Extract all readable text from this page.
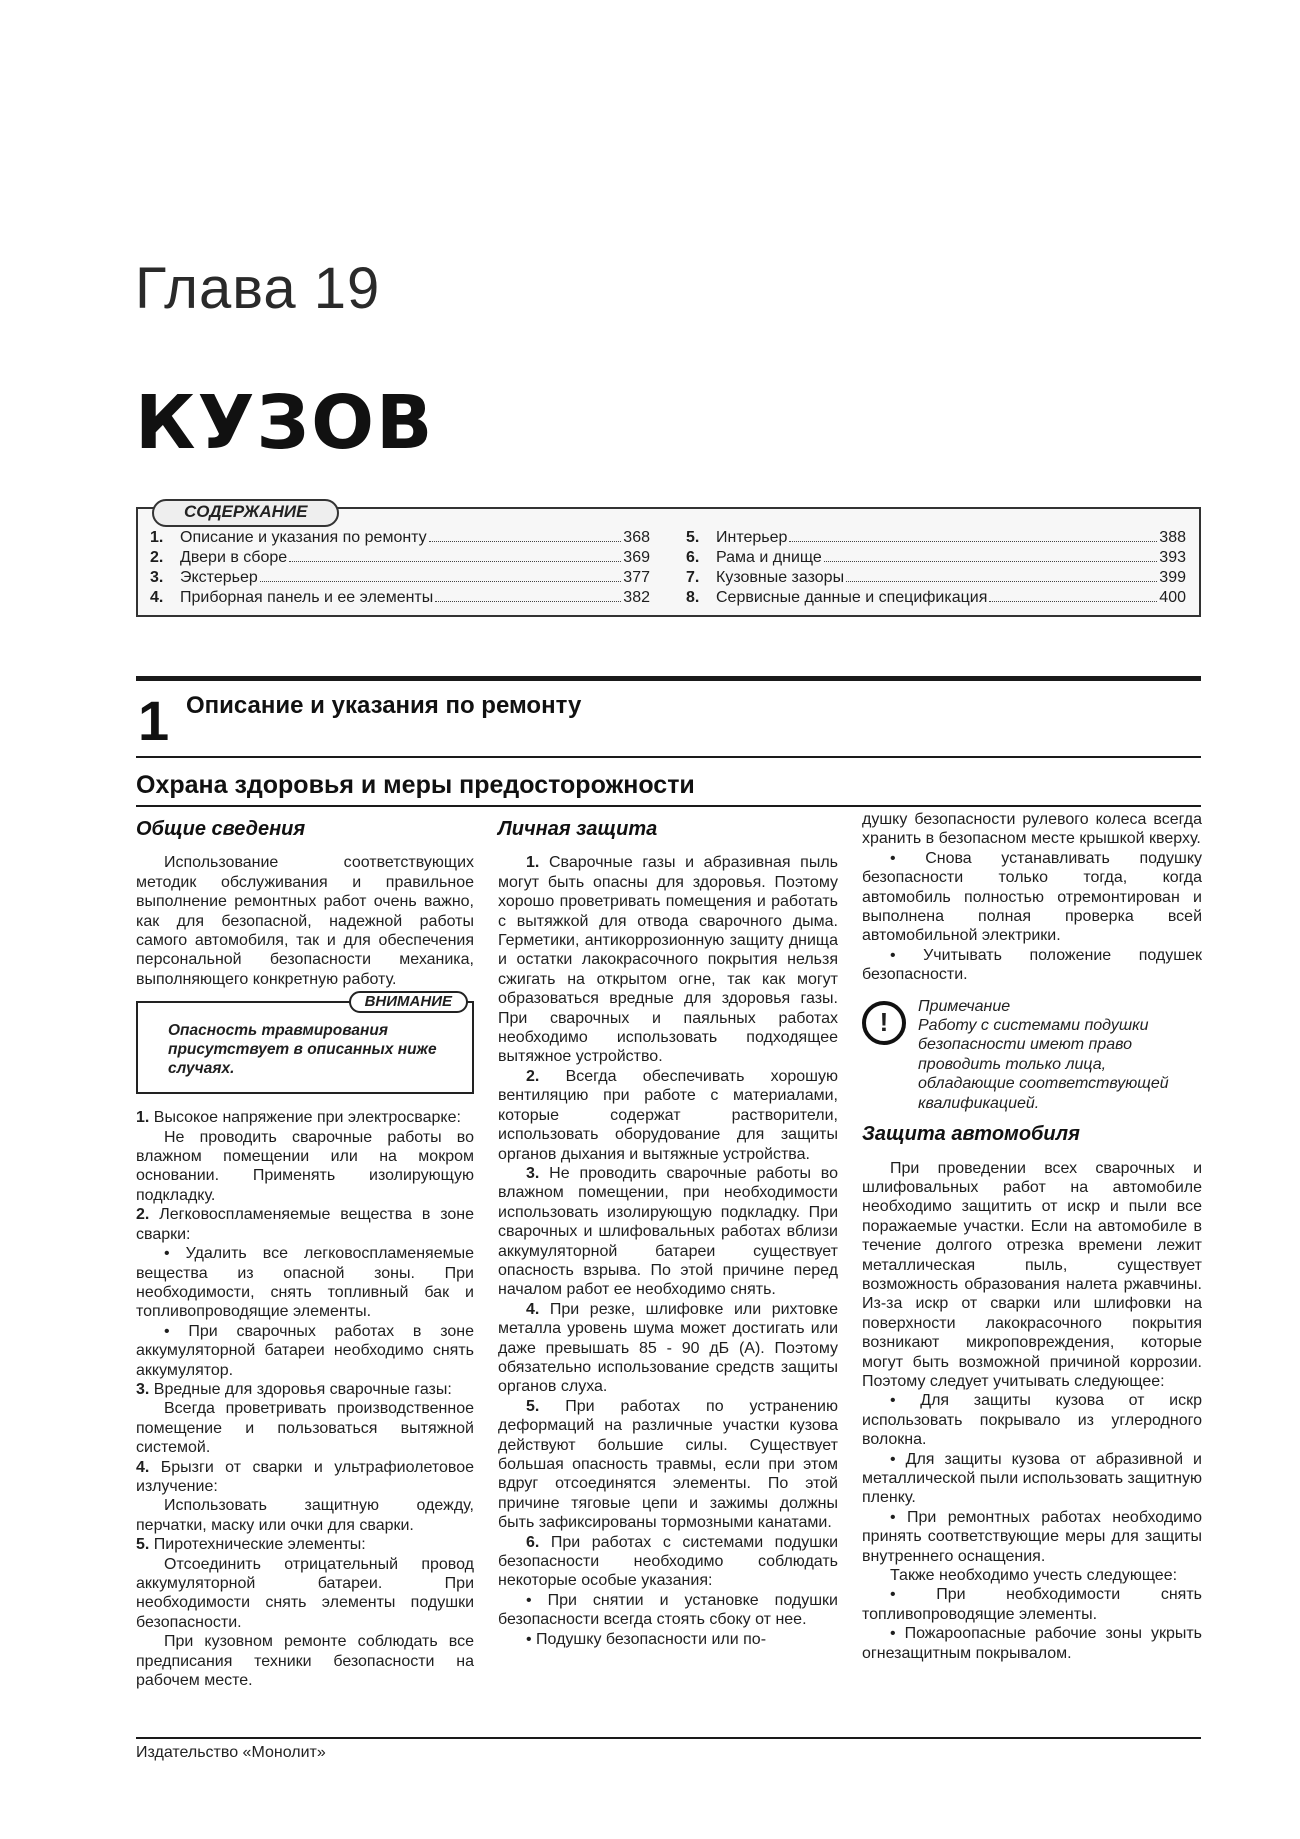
Глава 19
КУЗОВ
СОДЕРЖАНИЕ
1.	Описание и указания по ремонту	368
2.	Двери в сборе	369
3.	Экстерьер	377
4.	Приборная панель и ее элементы	382
5.	Интерьер	388
6.	Рама и днище	393
7.	Кузовные зазоры	399
8.	Сервисные данные и спецификация	400
1 Описание и указания по ремонту
Охрана здоровья и меры предосторожности
Общие сведения

Использование соответствующих методик обслуживания и правильное выполнение ремонтных работ очень важно, как для безопасной, надежной работы самого автомобиля, так и для обеспечения персональной безопасности механика, выполняющего конкретную работу.

ВНИМАНИЕ
Опасность травмирования присутствует в описанных ниже случаях.

1. Высокое напряжение при электросварке:

Не проводить сварочные работы во влажном помещении или на мокром основании. Применять изолирующую подкладку.

2. Легковоспламеняемые вещества в зоне сварки:

• Удалить все легковоспламеняемые вещества из опасной зоны. При необходимости, снять топливный бак и топливопроводящие элементы.

• При сварочных работах в зоне аккумуляторной батареи необходимо снять аккумулятор.

3. Вредные для здоровья сварочные газы:

Всегда проветривать производственное помещение и пользоваться вытяжной системой.

4. Брызги от сварки и ультрафиолетовое излучение:

Использовать защитную одежду, перчатки, маску или очки для сварки.

5. Пиротехнические элементы:

Отсоединить отрицательный провод аккумуляторной батареи. При необходимости снять элементы подушки безопасности.

При кузовном ремонте соблюдать все предписания техники безопасности на рабочем месте.

Личная защита

1. Сварочные газы и абразивная пыль могут быть опасны для здоровья. Поэтому хорошо проветривать помещения и работать с вытяжкой для отвода сварочного дыма. Герметики, антикоррозионную защиту днища и остатки лакокрасочного покрытия нельзя сжигать на открытом огне, так как могут образоваться вредные для здоровья газы. При сварочных и паяльных работах необходимо использовать подходящее вытяжное устройство.

2. Всегда обеспечивать хорошую вентиляцию при работе с материалами, которые содержат растворители, использовать оборудование для защиты органов дыхания и вытяжные устройства.

3. Не проводить сварочные работы во влажном помещении, при необходимости использовать изолирующую подкладку. При сварочных и шлифовальных работах вблизи аккумуляторной батареи существует опасность взрыва. По этой причине перед началом работ ее необходимо снять.

4. При резке, шлифовке или рихтовке металла уровень шума может достигать или даже превышать 85 - 90 дБ (А). Поэтому обязательно использование средств защиты органов слуха.

5. При работах по устранению деформаций на различные участки кузова действуют большие силы. Существует большая опасность травмы, если при этом вдруг отсоединятся элементы. По этой причине тяговые цепи и зажимы должны быть зафиксированы тормозными канатами.

6. При работах с системами подушки безопасности необходимо соблюдать некоторые особые указания:

• При снятии и установке подушки безопасности всегда стоять сбоку от нее.

• Подушку безопасности или по-

душку безопасности рулевого колеса всегда хранить в безопасном месте крышкой кверху.

• Снова устанавливать подушку безопасности только тогда, когда автомобиль полностью отремонтирован и выполнена полная проверка всей автомобильной электрики.

• Учитывать положение подушек безопасности.

!
Примечание
Работу с системами подушки безопасности имеют право проводить только лица, обладающие соответствующей квалификацией.
Защита автомобиля

При проведении всех сварочных и шлифовальных работ на автомобиле необходимо защитить от искр и пыли все поражаемые участки. Если на автомобиле в течение долгого отрезка времени лежит металлическая пыль, существует возможность образования налета ржавчины. Из-за искр от сварки или шлифовки на поверхности лакокрасочного покрытия возникают микроповреждения, которые могут быть возможной причиной коррозии. Поэтому следует учитывать следующее:

• Для защиты кузова от искр использовать покрывало из углеродного волокна.

• Для защиты кузова от абразивной и металлической пыли использовать защитную пленку.

• При ремонтных работах необходимо принять соответствующие меры для защиты внутреннего оснащения.

Также необходимо учесть следующее:

• При необходимости снять топливопроводящие элементы.

• Пожароопасные рабочие зоны укрыть огнезащитным покрывалом.

Издательство «Монолит»
